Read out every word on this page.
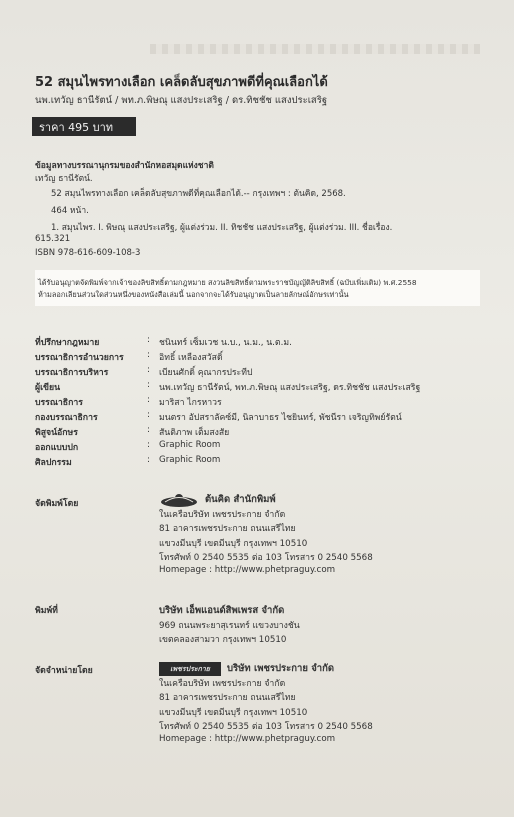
52 สมุนไพรทางเลือก เคล็ดลับสุขภาพดีที่คุณเลือกได้
นพ.เทวัญ ธานีรัตน์ / พท.ภ.พิษณุ แสงประเสริฐ / ดร.ทิชชัช แสงประเสริฐ
ราคา 495 บาท
ข้อมูลทางบรรณานุกรมของสำนักหอสมุดแห่งชาติ
เทวัญ ธานีรัตน์.
52 สมุนไพรทางเลือก เคล็ดลับสุขภาพดีที่คุณเลือกได้.-- กรุงเทพฯ : ต้นคิด, 2568.
464 หน้า.
1. สมุนไพร. I. พิษณุ แสงประเสริฐ, ผู้แต่งร่วม. II. ทิชชัช แสงประเสริฐ, ผู้แต่งร่วม. III. ชื่อเรื่อง.
615.321
ISBN 978-616-609-108-3
ได้รับอนุญาตจัดพิมพ์จากเจ้าของลิขสิทธิ์ตามกฎหมาย สงวนลิขสิทธิ์ตามพระราชบัญญัติลิขสิทธิ์ (ฉบับเพิ่มเติม) พ.ศ.2558
ห้ามลอกเลียนส่วนใดส่วนหนึ่งของหนังสือเล่มนี้ นอกจากจะได้รับอนุญาตเป็นลายลักษณ์อักษรเท่านั้น
ที่ปรึกษากฎหมาย	: ชนินทร์ เซ็มเวช น.บ., น.ม., น.ต.ม.
บรรณาธิการอำนวยการ	: อิทธิ์ เหลืองสวัสดิ์
บรรณาธิการบริหาร	: เบียนศักดิ์ คุณากรประทีป
ผู้เขียน	: นพ.เทวัญ ธานีรัตน์, พท.ภ.พิษณุ แสงประเสริฐ, ดร.ทิชชัช แสงประเสริฐ
บรรณาธิการ	: มาริสา ไกรหาวร
กองบรรณาธิการ	: มนตรา อัปสราลัคซ์มี, นิลาบาธร ไชยินทร์, พัชนีรา เจริญทิพย์รัตน์
พิสูจน์อักษร	: สันติภาพ เต็มสงสัย
ออกแบบปก	: Graphic Room
ศิลปกรรม	: Graphic Room
จัดพิมพ์โดย	ต้นคิด สำนักพิมพ์
ในเครือบริษัท เพชรประกาย จำกัด
81 อาคารเพชรประกาย ถนนเสรีไทย
แขวงมีนบุรี เขตมีนบุรี กรุงเทพฯ 10510
โทรศัพท์ 0 2540 5535 ต่อ 103 โทรสาร 0 2540 5568
Homepage : http://www.phetpraguy.com
พิมพ์ที่	บริษัท เอ็พแอนด์สิพเพรส จำกัด
969 ถนนพระยาสุเรนทร์ แขวงบางชัน
เขตคลองสามวา กรุงเทพฯ 10510
จัดจำหน่ายโดย	เพชรประกาย บริษัท เพชรประกาย จำกัด
ในเครือบริษัท เพชรประกาย จำกัด
81 อาคารเพชรประกาย ถนนเสรีไทย
แขวงมีนบุรี เขตมีนบุรี กรุงเทพฯ 10510
โทรศัพท์ 0 2540 5535 ต่อ 103 โทรสาร 0 2540 5568
Homepage : http://www.phetpraguy.com
